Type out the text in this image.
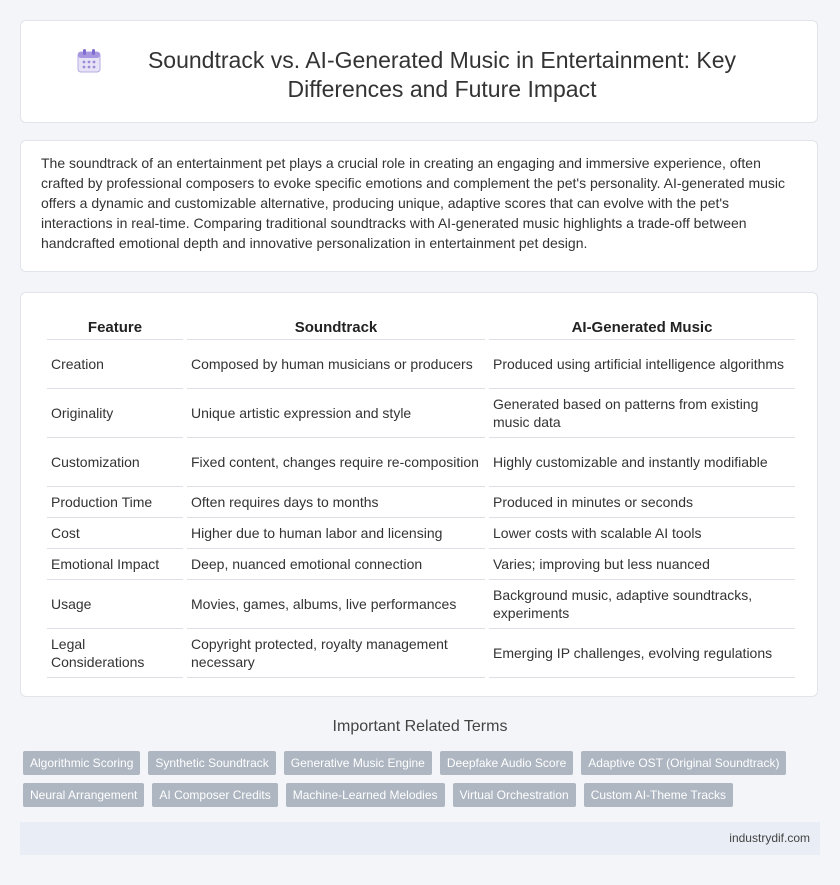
Soundtrack vs. AI-Generated Music in Entertainment: Key Differences and Future Impact

The soundtrack of an entertainment pet plays a crucial role in creating an engaging and immersive experience, often crafted by professional composers to evoke specific emotions and complement the pet's personality. AI-generated music offers a dynamic and customizable alternative, producing unique, adaptive scores that can evolve with the pet's interactions in real-time. Comparing traditional soundtracks with AI-generated music highlights a trade-off between handcrafted emotional depth and innovative personalization in entertainment pet design.

Feature	Soundtrack	AI-Generated Music
Creation	Composed by human musicians or producers	Produced using artificial intelligence algorithms
Originality	Unique artistic expression and style	Generated based on patterns from existing music data
Customization	Fixed content, changes require re-composition	Highly customizable and instantly modifiable
Production Time	Often requires days to months	Produced in minutes or seconds
Cost	Higher due to human labor and licensing	Lower costs with scalable AI tools
Emotional Impact	Deep, nuanced emotional connection	Varies; improving but less nuanced
Usage	Movies, games, albums, live performances	Background music, adaptive soundtracks, experiments
Legal Considerations	Copyright protected, royalty management necessary	Emerging IP challenges, evolving regulations
Important Related Terms
Algorithmic Scoring	Synthetic Soundtrack	Generative Music Engine	Deepfake Audio Score	Adaptive OST (Original Soundtrack)
Neural Arrangement	AI Composer Credits	Machine-Learned Melodies	Virtual Orchestration	Custom AI-Theme Tracks
industrydif.com
